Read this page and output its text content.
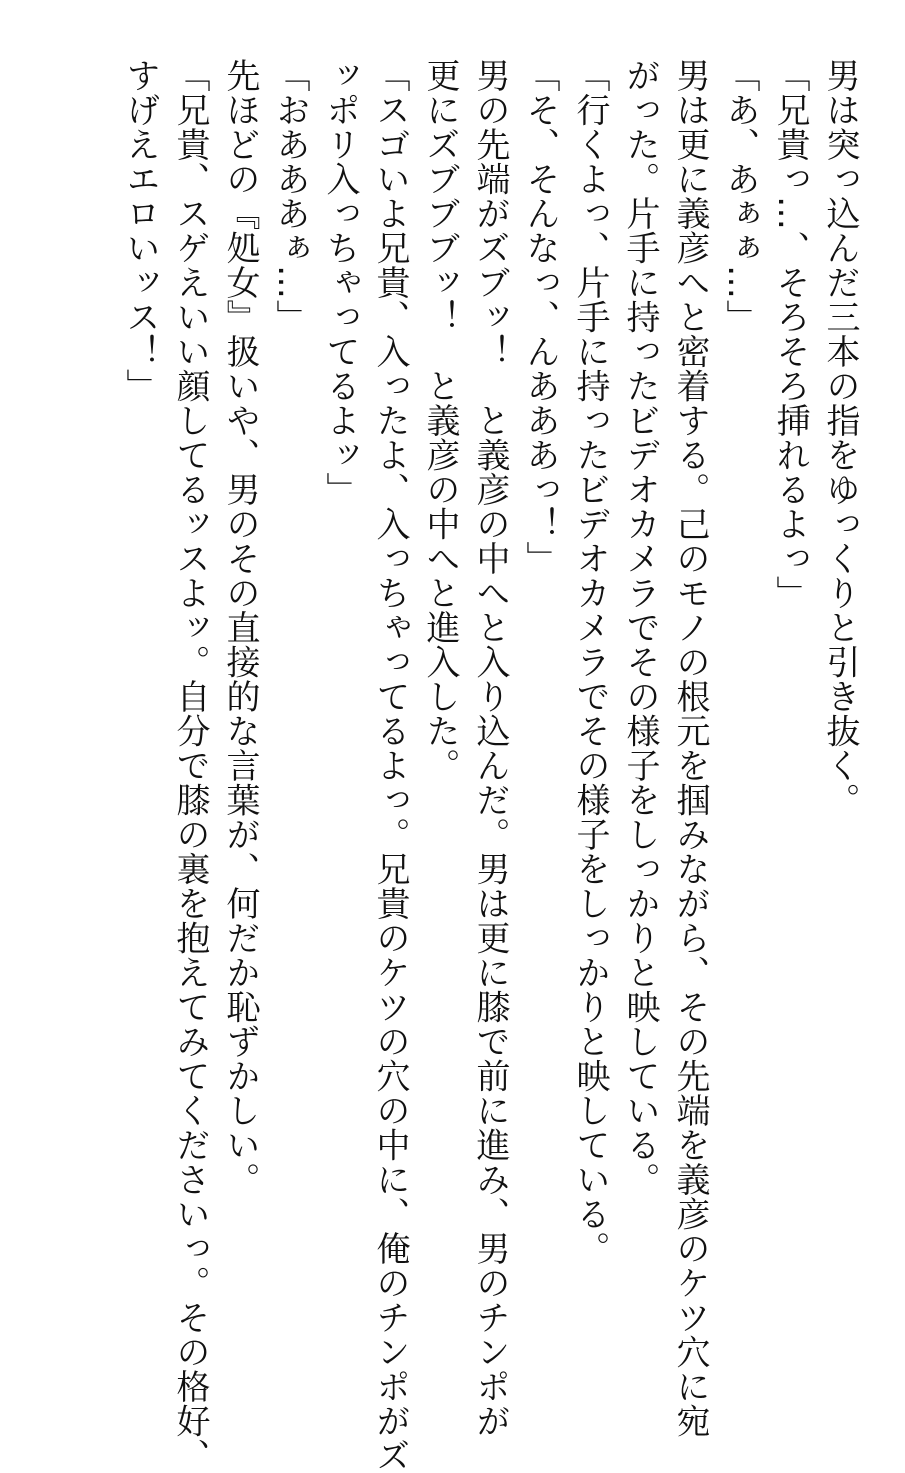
男は突っ込んだ三本の指をゆっくりと引き抜く。
「兄貴っ…、そろそろ挿れるよっ」
「あ、あぁぁ…」
男は更に義彦へと密着する。己のモノの根元を掴みながら、その先端を義彦のケツ穴に宛
がった。片手に持ったビデオカメラでその様子をしっかりと映している。
「行くよっ、片手に持ったビデオカメラでその様子をしっかりと映している。
「そ、そんなっ、んあああっ！」
男の先端がズブッ！　と義彦の中へと入り込んだ。男は更に膝で前に進み、男のチンポが
更にズブブブッ！　と義彦の中へと進入した。
「スゴいよ兄貴、入ったよ、入っちゃってるよっ。兄貴のケツの穴の中に、俺のチンポがズ
ッポリ入っちゃってるよッ」
「おあああぁ…」
先ほどの『処女』扱いや、男のその直接的な言葉が、何だか恥ずかしい。
「兄貴、スゲえいい顔してるッスよッ。自分で膝の裏を抱えてみてくださいっ。その格好、
すげえエロいッス！」
